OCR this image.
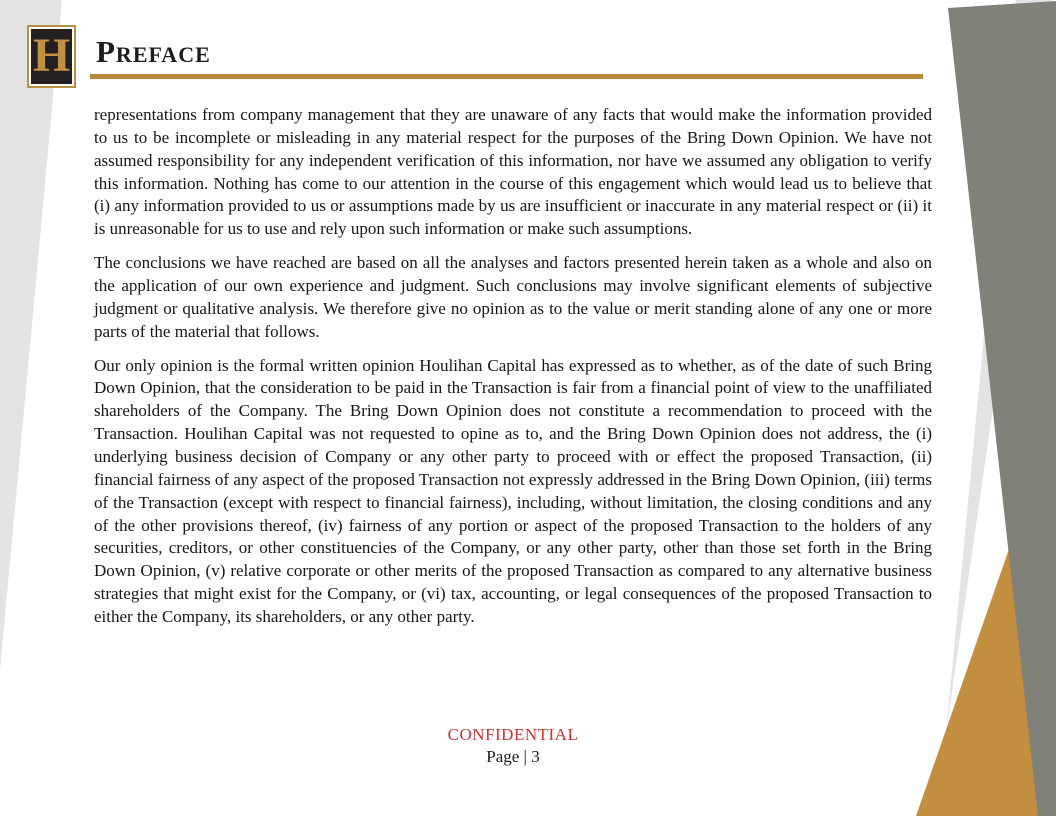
H Preface

representations from company management that they are unaware of any facts that would make the information provided to us to be incomplete or misleading in any material respect for the purposes of the Bring Down Opinion. We have not assumed responsibility for any independent verification of this information, nor have we assumed any obligation to verify this information. Nothing has come to our attention in the course of this engagement which would lead us to believe that (i) any information provided to us or assumptions made by us are insufficient or inaccurate in any material respect or (ii) it is unreasonable for us to use and rely upon such information or make such assumptions.

The conclusions we have reached are based on all the analyses and factors presented herein taken as a whole and also on the application of our own experience and judgment. Such conclusions may involve significant elements of subjective judgment or qualitative analysis. We therefore give no opinion as to the value or merit standing alone of any one or more parts of the material that follows.

Our only opinion is the formal written opinion Houlihan Capital has expressed as to whether, as of the date of such Bring Down Opinion, that the consideration to be paid in the Transaction is fair from a financial point of view to the unaffiliated shareholders of the Company. The Bring Down Opinion does not constitute a recommendation to proceed with the Transaction. Houlihan Capital was not requested to opine as to, and the Bring Down Opinion does not address, the (i) underlying business decision of Company or any other party to proceed with or effect the proposed Transaction, (ii) financial fairness of any aspect of the proposed Transaction not expressly addressed in the Bring Down Opinion, (iii) terms of the Transaction (except with respect to financial fairness), including, without limitation, the closing conditions and any of the other provisions thereof, (iv) fairness of any portion or aspect of the proposed Transaction to the holders of any securities, creditors, or other constituencies of the Company, or any other party, other than those set forth in the Bring Down Opinion, (v) relative corporate or other merits of the proposed Transaction as compared to any alternative business strategies that might exist for the Company, or (vi) tax, accounting, or legal consequences of the proposed Transaction to either the Company, its shareholders, or any other party.

CONFIDENTIAL
Page | 3
